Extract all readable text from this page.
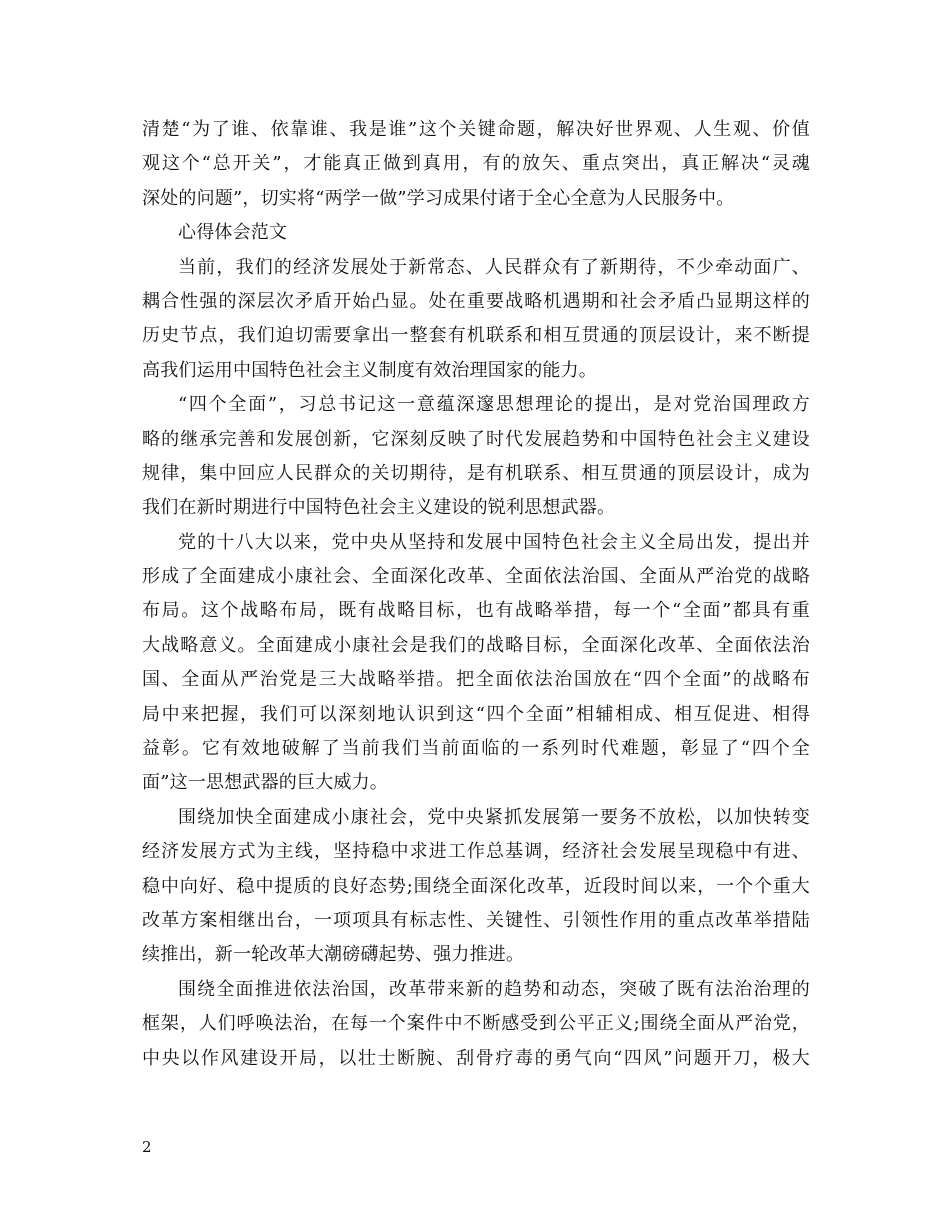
清楚“为了谁、依靠谁、我是谁”这个关键命题，解决好世界观、人生观、价值
观这个“总开关”，才能真正做到真用，有的放矢、重点突出，真正解决“灵魂
深处的问题”，切实将“两学一做”学习成果付诸于全心全意为人民服务中。
心得体会范文
当前，我们的经济发展处于新常态、人民群众有了新期待，不少牵动面广、
耦合性强的深层次矛盾开始凸显。处在重要战略机遇期和社会矛盾凸显期这样的
历史节点，我们迫切需要拿出一整套有机联系和相互贯通的顶层设计，来不断提
高我们运用中国特色社会主义制度有效治理国家的能力。
“四个全面”，习总书记这一意蕴深邃思想理论的提出，是对党治国理政方
略的继承完善和发展创新，它深刻反映了时代发展趋势和中国特色社会主义建设
规律，集中回应人民群众的关切期待，是有机联系、相互贯通的顶层设计，成为
我们在新时期进行中国特色社会主义建设的锐利思想武器。
党的十八大以来，党中央从坚持和发展中国特色社会主义全局出发，提出并
形成了全面建成小康社会、全面深化改革、全面依法治国、全面从严治党的战略
布局。这个战略布局，既有战略目标，也有战略举措，每一个“全面”都具有重
大战略意义。全面建成小康社会是我们的战略目标，全面深化改革、全面依法治
国、全面从严治党是三大战略举措。把全面依法治国放在“四个全面”的战略布
局中来把握，我们可以深刻地认识到这“四个全面”相辅相成、相互促进、相得
益彰。它有效地破解了当前我们当前面临的一系列时代难题，彰显了“四个全
面”这一思想武器的巨大威力。
围绕加快全面建成小康社会，党中央紧抓发展第一要务不放松，以加快转变
经济发展方式为主线，坚持稳中求进工作总基调，经济社会发展呈现稳中有进、
稳中向好、稳中提质的良好态势;围绕全面深化改革，近段时间以来，一个个重大
改革方案相继出台，一项项具有标志性、关键性、引领性作用的重点改革举措陆
续推出，新一轮改革大潮磅礴起势、强力推进。
围绕全面推进依法治国，改革带来新的趋势和动态，突破了既有法治治理的
框架，人们呼唤法治，在每一个案件中不断感受到公平正义;围绕全面从严治党，
中央以作风建设开局，以壮士断腕、刮骨疗毒的勇气向“四风”问题开刀，极大
2
